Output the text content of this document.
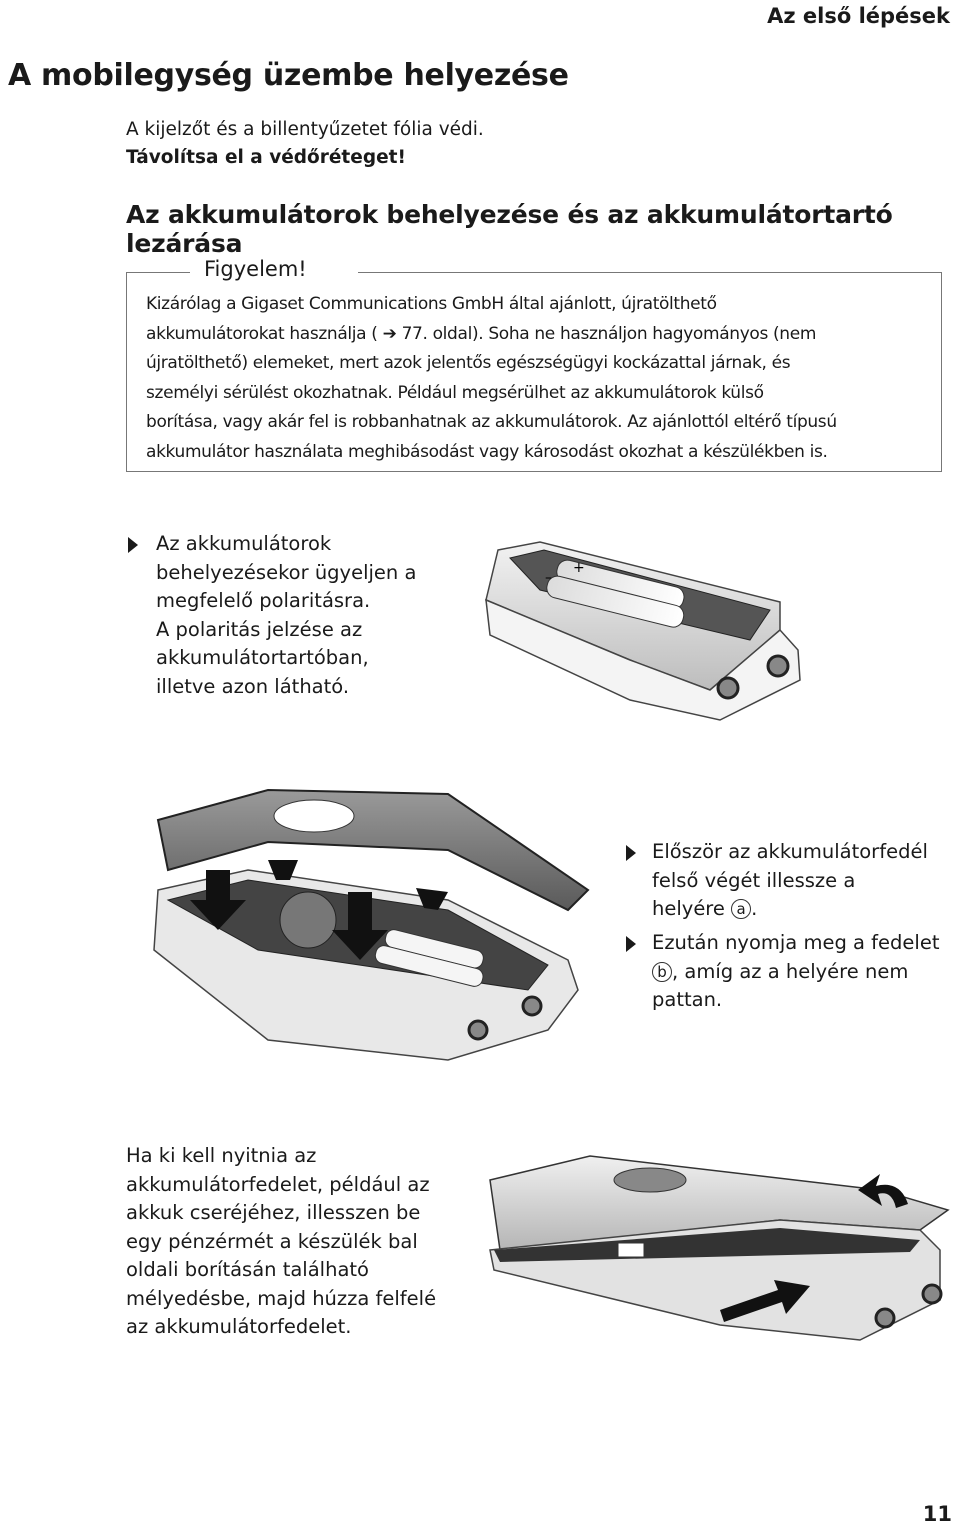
Az első lépések
A mobilegység üzembe helyezése
A kijelzőt és a billentyűzetet fólia védi.
Távolítsa el a védőréteget!
Az akkumulátorok behelyezése és az akkumulátortartó lezárása
Figyelem!
Kizárólag a Gigaset Communications GmbH által ajánlott, újratölthető
akkumulátorokat használja ( ➔ 77. oldal). Soha ne használjon hagyományos (nem
újratölthető) elemeket, mert azok jelentős egészségügyi kockázattal járnak, és
személyi sérülést okozhatnak. Például megsérülhet az akkumulátorok külső
borítása, vagy akár fel is robbanhatnak az akkumulátorok. Az ajánlottól eltérő típusú
akkumulátor használata meghibásodást vagy károsodást okozhat a készülékben is.
Az akkumulátorok
behelyezésekor ügyeljen a
megfelelő polaritásra.
A polaritás jelzése az
akkumulátortartóban,
illetve azon látható.
+
–
Először az akkumulátorfedél
felső végét illessze a
helyére a .
Ezután nyomja meg a fedelet
b , amíg az a helyére nem
pattan.
Ha ki kell nyitnia az
akkumulátorfedelet, például az
akkuk cseréjéhez, illesszen be
egy pénzérmét a készülék bal
oldali borításán található
mélyedésbe, majd húzza felfelé
az akkumulátorfedelet.
11
